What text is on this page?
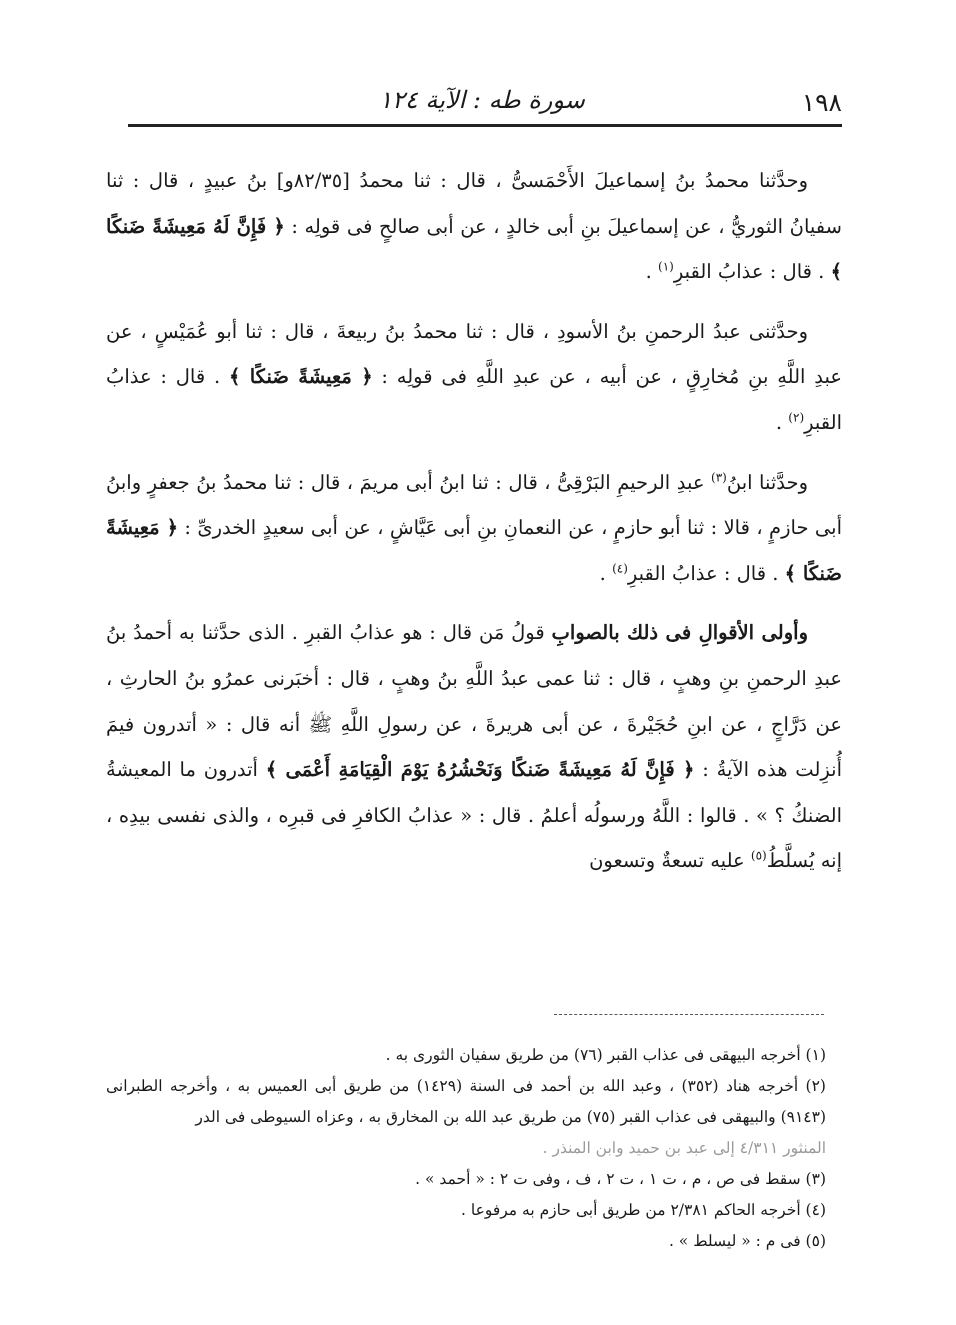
١٩٨
سورة طه : الآية ١٢٤

وحدَّثنا محمدُ بنُ إسماعيلَ الأَحْمَسىُّ ، قال : ثنا محمدُ [٨٢/٣٥و] بنُ عبيدٍ ، قال : ثنا سفيانُ الثوريُّ ، عن إسماعيلَ بنِ أبى خالدٍ ، عن أبى صالحٍ فى قولِه : ﴿ فَإِنَّ لَهُ مَعِيشَةً ضَنكًا ﴾ . قال : عذابُ القبرِ$^{(١)}$ .

وحدَّثنى عبدُ الرحمنِ بنُ الأسودِ ، قال : ثنا محمدُ بنُ ربيعةَ ، قال : ثنا أبو عُمَيْسٍ ، عن عبدِ اللَّهِ بنِ مُخارِقٍ ، عن أبيه ، عن عبدِ اللَّهِ فى قولِه : ﴿ مَعِيشَةً ضَنكًا ﴾ . قال : عذابُ القبرِ$^{(٢)}$ .

وحدَّثنا ابنُ$^{(٣)}$ عبدِ الرحيمِ البَرْقِىُّ ، قال : ثنا ابنُ أبى مريمَ ، قال : ثنا محمدُ بنُ جعفرٍ وابنُ أبى حازمٍ ، قالا : ثنا أبو حازمٍ ، عن النعمانِ بنِ أبى عَيَّاشٍ ، عن أبى سعيدٍ الخدرىِّ : ﴿ مَعِيشَةً ضَنكًا ﴾ . قال : عذابُ القبرِ$^{(٤)}$ .

وأولى الأقوالِ فى ذلك بالصوابِ قولُ مَن قال : هو عذابُ القبرِ . الذى حدَّثنا به أحمدُ بنُ عبدِ الرحمنِ بنِ وهبٍ ، قال : ثنا عمى عبدُ اللَّهِ بنُ وهبٍ ، قال : أخبَرنى عمرُو بنُ الحارثِ ، عن دَرَّاجٍ ، عن ابنِ حُجَيْرةَ ، عن أبى هريرةَ ، عن رسولِ اللَّهِ ﷺ أنه قال : « أتدرون فيمَ أُنزِلت هذه الآيةُ : ﴿ فَإِنَّ لَهُ مَعِيشَةً ضَنكًا وَنَحْشُرُهُ يَوْمَ الْقِيَامَةِ أَعْمَى ﴾ أتدرون ما المعيشةُ الضنكُ ؟ » . قالوا : اللَّهُ ورسولُه أعلمُ . قال : « عذابُ الكافرِ فى قبرِه ، والذى نفسى بيدِه ، إنه يُسلَّطُ$^{(٥)}$ عليه تسعةٌ وتسعون

(١) أخرجه البيهقى فى عذاب القبر (٧٦) من طريق سفيان الثورى به .

(٢) أخرجه هناد (٣٥٢) ، وعبد الله بن أحمد فى السنة (١٤٢٩) من طريق أبى العميس به ، وأخرجه الطبرانى (٩١٤٣) والبيهقى فى عذاب القبر (٧٥) من طريق عبد الله بن المخارق به ، وعزاه السيوطى فى الدر

المنثور ٤/٣١١ إلى عبد بن حميد وابن المنذر .

(٣) سقط فى ص ، م ، ت ١ ، ت ٢ ، ف ، وفى ت ٢ : « أحمد » .

(٤) أخرجه الحاكم ٢/٣٨١ من طريق أبى حازم به مرفوعا .

(٥) فى م : « ليسلط » .
